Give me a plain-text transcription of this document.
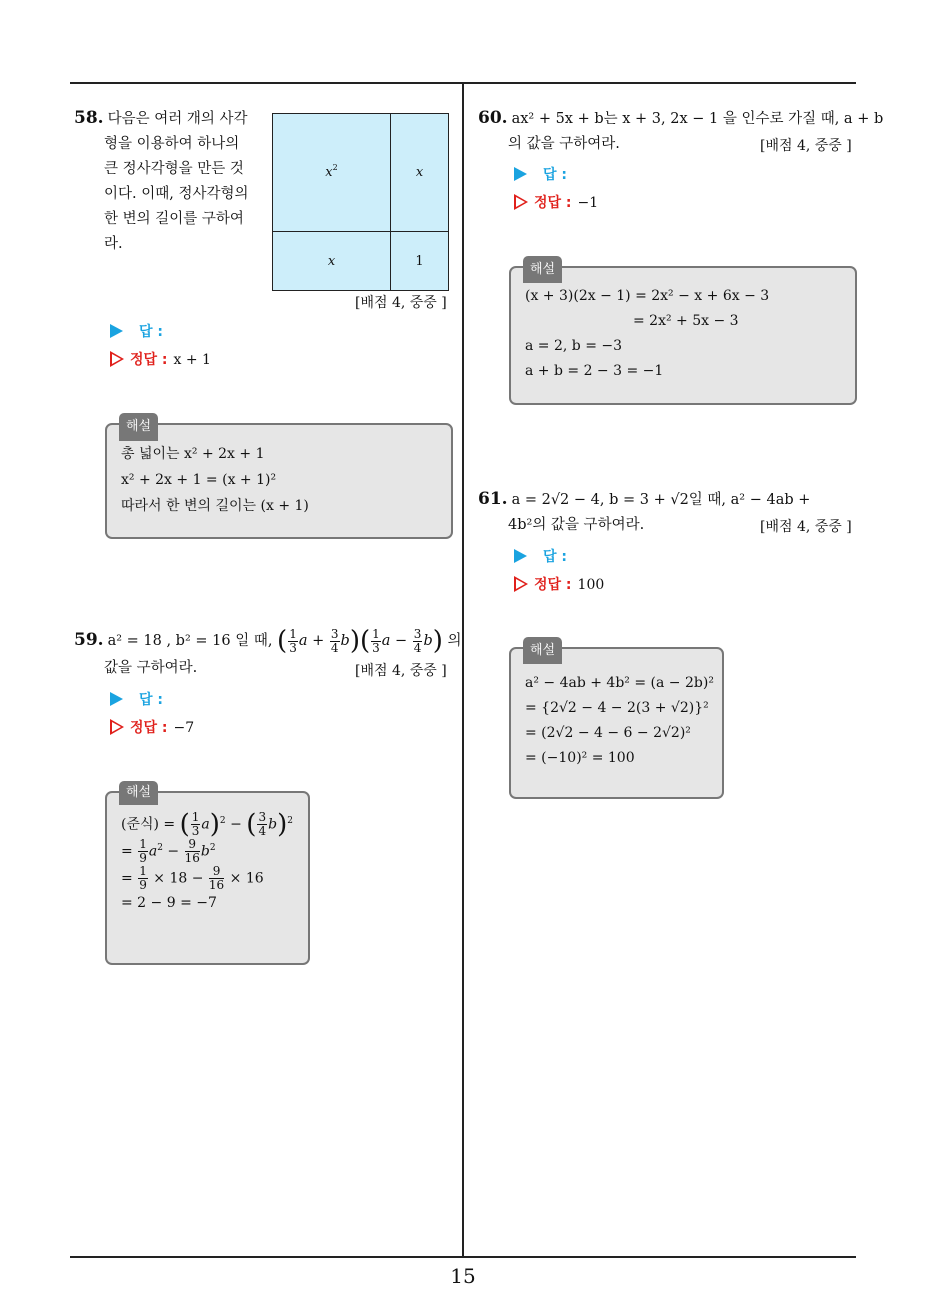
15
58. 다음은 여러 개의 사각
형을 이용하여 하나의
큰 정사각형을 만든 것
이다. 이때, 정사각형의
한 변의 길이를 구하여
라.
x 2	x
x	1
[배점 4, 중중 ]
답 :
정답 : x + 1
해설
총 넓이는 x² + 2x + 1
x² + 2x + 1 = (x + 1)²
따라서 한 변의 길이는 (x + 1)
59. a² = 18 , b² = 16 일 때, ( $\frac{1}{3}$ $a + \frac{3}{4} b)( \frac{1}{3}$ $a - \frac{3}{4} b$) 의
값을 구하여라.	[배점 4, 중중 ]
답 :
정답 : −7
해설
(준식) = ( $\frac{1}{3} a)^2$ − ( $\frac{3}{4} b)^2$
= $\frac{1}{9} a^2 - \frac{9}{16} b^2$
= $\frac{1}{9} \times 18 - \frac{9}{16} \times 16$
= 2 − 9 = −7
60. ax² + 5x + b는 x + 3, 2x − 1 을 인수로 가질 때, a + b
의 값을 구하여라.	[배점 4, 중중 ]
답 :
정답 : −1
해설
(x + 3)(2x − 1) = 2x² − x + 6x − 3
= 2x² + 5x − 3
a = 2, b = −3
a + b = 2 − 3 = −1
61. a = 2√2 − 4, b = 3 + √2일 때, a² − 4ab +
4b²의 값을 구하여라.	[배점 4, 중중 ]
답 :
정답 : 100
해설
a² − 4ab + 4b² = (a − 2b)²
= {2√2 − 4 − 2(3 + √2)}²
= (2√2 − 4 − 6 − 2√2)²
= (−10)² = 100
